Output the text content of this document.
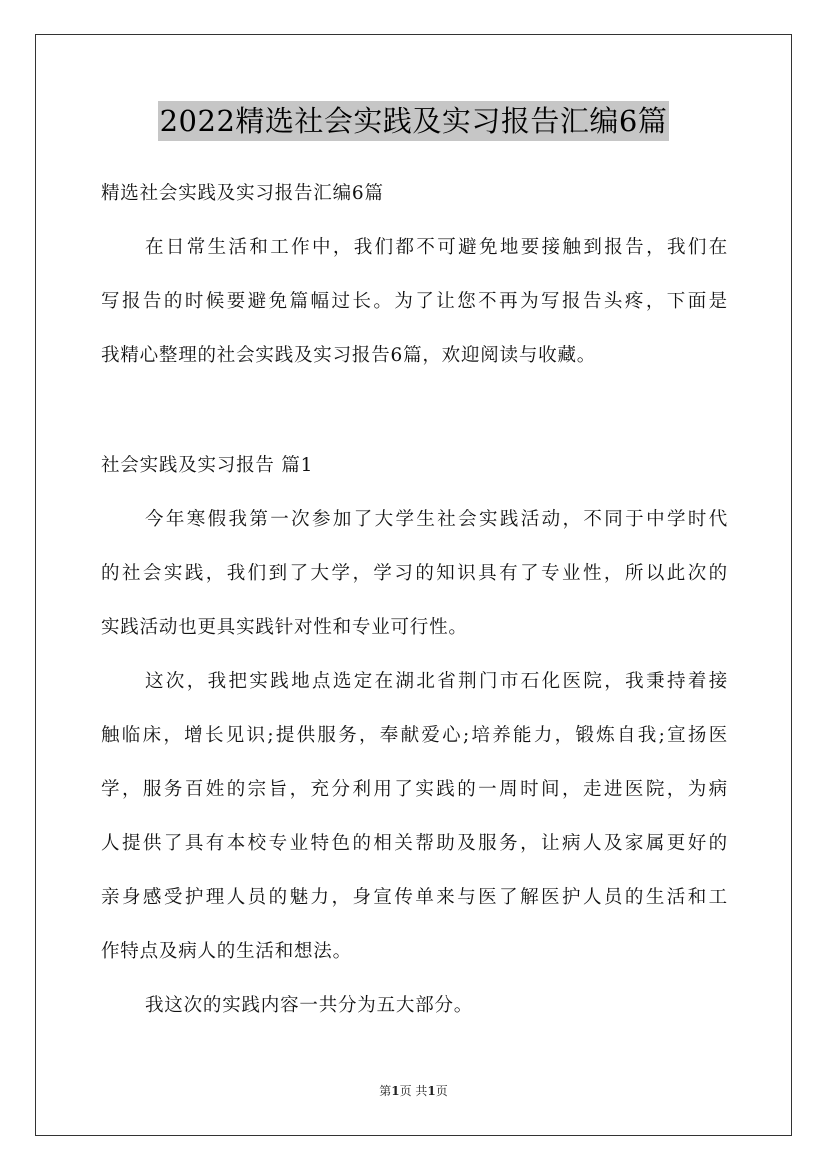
2022精选社会实践及实习报告汇编6篇
精选社会实践及实习报告汇编6篇
在日常生活和工作中，我们都不可避免地要接触到报告，我们在
写报告的时候要避免篇幅过长。为了让您不再为写报告头疼，下面是
我精心整理的社会实践及实习报告6篇，欢迎阅读与收藏。
社会实践及实习报告 篇1
今年寒假我第一次参加了大学生社会实践活动，不同于中学时代
的社会实践，我们到了大学，学习的知识具有了专业性，所以此次的
实践活动也更具实践针对性和专业可行性。
这次，我把实践地点选定在湖北省荆门市石化医院，我秉持着接
触临床，增长见识;提供服务，奉献爱心;培养能力，锻炼自我;宣扬医
学，服务百姓的宗旨，充分利用了实践的一周时间，走进医院，为病
人提供了具有本校专业特色的相关帮助及服务，让病人及家属更好的
亲身感受护理人员的魅力，身宣传单来与医了解医护人员的生活和工
作特点及病人的生活和想法。
我这次的实践内容一共分为五大部分。
第1页 共1页
